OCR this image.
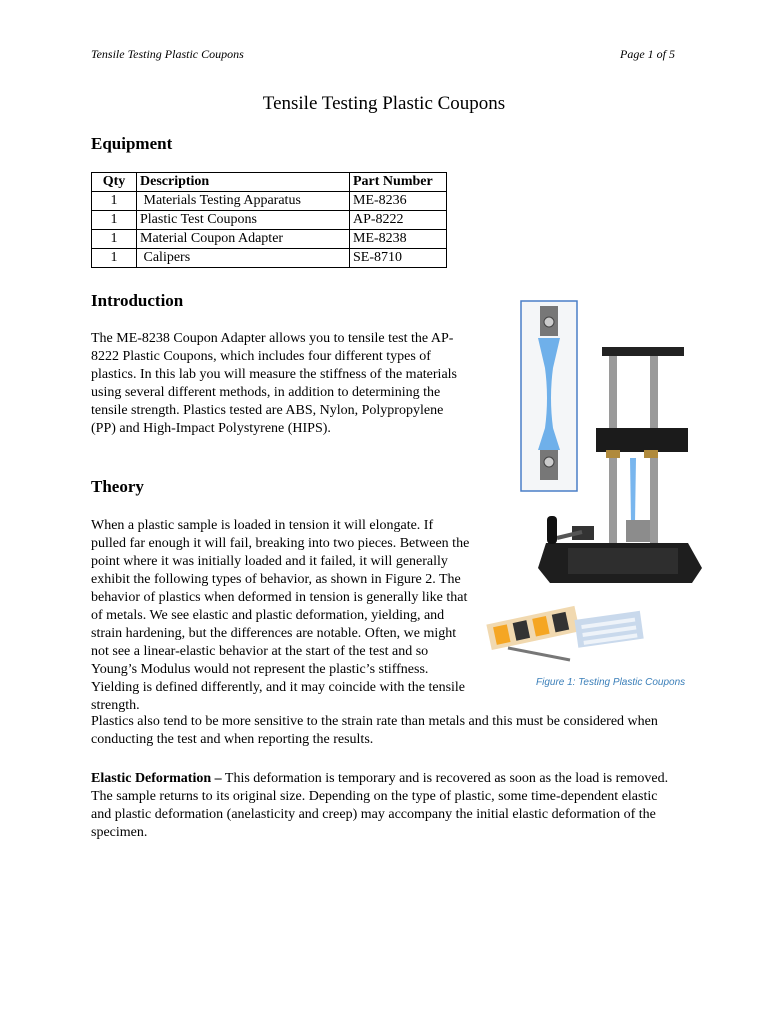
Tensile Testing Plastic Coupons	Page 1 of 5
Tensile Testing Plastic Coupons
Equipment
Qty	Description	Part Number
1	Materials Testing Apparatus	ME-8236
1	Plastic Test Coupons	AP-8222
1	Material Coupon Adapter	ME-8238
1	Calipers	SE-8710
Introduction

The ME-8238 Coupon Adapter allows you to tensile test the AP-8222 Plastic Coupons, which includes four different types of plastics. In this lab you will measure the stiffness of the materials using several different methods, in addition to determining the tensile strength. Plastics tested are ABS, Nylon, Polypropylene (PP) and High-Impact Polystyrene (HIPS).

Figure 1: Testing Plastic Coupons
Theory

When a plastic sample is loaded in tension it will elongate. If pulled far enough it will fail, breaking into two pieces. Between the point where it was initially loaded and it failed, it will generally exhibit the following types of behavior, as shown in Figure 2. The behavior of plastics when deformed in tension is generally like that of metals. We see elastic and plastic deformation, yielding, and strain hardening, but the differences are notable. Often, we might not see a linear-elastic behavior at the start of the test and so Young’s Modulus would not represent the plastic’s stiffness. Yielding is defined differently, and it may coincide with the tensile strength.

Plastics also tend to be more sensitive to the strain rate than metals and this must be considered when conducting the test and when reporting the results.

Elastic Deformation – This deformation is temporary and is recovered as soon as the load is removed. The sample returns to its original size. Depending on the type of plastic, some time-dependent elastic and plastic deformation (anelasticity and creep) may accompany the initial elastic deformation of the specimen.
